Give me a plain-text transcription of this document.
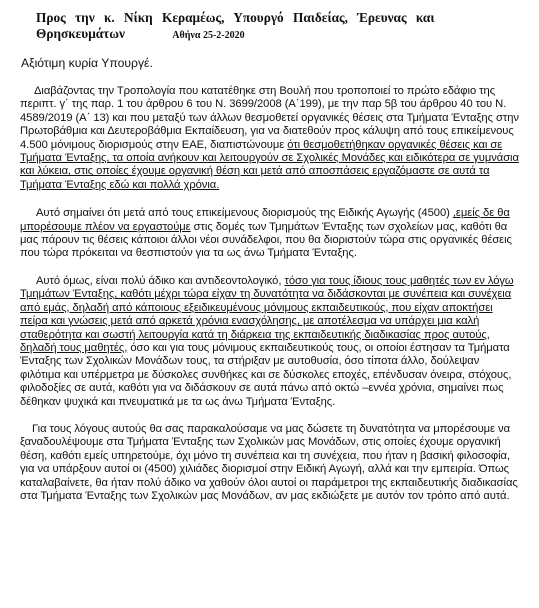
Προς την κ. Νίκη Κεραμέως, Υπουργό Παιδείας, Έρευνας και
Θρησκευμάτων	Αθήνα 25-2-2020
Αξιότιμη κυρία Υπουργέ.

Διαβάζοντας την Τροπολογία που κατατέθηκε στη Βουλή που τροποποιεί το πρώτο εδάφιο της περιπτ. γ΄ της παρ. 1 του άρθρου 6 του Ν. 3699/2008 (Α΄199), με την παρ 5β του άρθρου 40 του Ν. 4589/2019 (Α΄ 13) και που μεταξύ των άλλων θεσμοθετεί οργανικές θέσεις στα Τμήματα Ένταξης στην Πρωτοβάθμια και Δευτεροβάθμια Εκπαίδευση, για να διατεθούν προς κάλυψη από τους επικείμενους 4.500 μόνιμους διορισμούς στην ΕΑΕ, διαπιστώνουμε ότι θεσμοθετήθηκαν οργανικές θέσεις και σε Τμήματα Ένταξης, τα οποία ανήκουν και λειτουργούν σε Σχολικές Μονάδες και ειδικότερα σε γυμνάσια και λύκεια, στις οποίες έχουμε οργανική θέση και μετά από αποσπάσεις εργαζόμαστε σε αυτά τα Τμήματα Ένταξης εδώ και πολλά χρόνια.

Αυτό σημαίνει ότι μετά από τους επικείμενους διορισμούς της Ειδικής Αγωγής (4500) ,εμείς δε θα μπορέσουμε πλέον να εργαστούμε στις δομές των Τμημάτων Ένταξης των σχολείων μας, καθότι θα μας πάρουν τις θέσεις κάποιοι άλλοι νέοι συνάδελφοι, που θα διοριστούν τώρα στις οργανικές θέσεις που τώρα πρόκειται να θεσπιστούν για τα ως άνω Τμήματα Ένταξης.

Αυτό όμως, είναι πολύ άδικο και αντιδεοντολογικό, τόσο για τους ίδιους τους μαθητές των εν λόγω Τμημάτων Ένταξης, καθότι μέχρι τώρα είχαν τη δυνατότητα να διδάσκονται με συνέπεια και συνέχεια από εμάς, δηλαδή από κάποιους εξειδικευμένους μόνιμους εκπαιδευτικούς, που είχαν αποκτήσει πείρα και γνώσεις μετά από αρκετά χρόνια ενασχόλησης, με αποτέλεσμα να υπάρχει μια καλή σταθερότητα και σωστή λειτουργία κατά τη διάρκεια της εκπαιδευτικής διαδικασίας προς αυτούς, δηλαδή τους μαθητές, όσο και για τους μόνιμους εκπαιδευτικούς τους, οι οποίοι έστησαν τα Τμήματα Ένταξης των Σχολικών Μονάδων τους, τα στήριξαν με αυτοθυσία, όσο τίποτα άλλο, δούλεψαν φιλότιμα και υπέρμετρα με δύσκολες συνθήκες και σε δύσκολες εποχές, επένδυσαν όνειρα, στόχους, φιλοδοξίες σε αυτά, καθότι για να διδάσκουν σε αυτά πάνω από οκτώ –εννέα χρόνια, σημαίνει πως δέθηκαν ψυχικά και πνευματικά με τα ως άνω Τμήματα Ένταξης.

Για τους λόγους αυτούς θα σας παρακαλούσαμε να μας δώσετε τη δυνατότητα να μπορέσουμε να ξαναδουλέψουμε στα Τμήματα Ένταξης των Σχολικών μας Μονάδων, στις οποίες έχουμε οργανική θέση, καθότι εμείς υπηρετούμε, όχι μόνο τη συνέπεια και τη συνέχεια, που ήταν η βασική φιλοσοφία, για να υπάρξουν αυτοί οι (4500) χιλιάδες διορισμοί στην Ειδική Αγωγή, αλλά και την εμπειρία. Όπως καταλαβαίνετε, θα ήταν πολύ άδικο να χαθούν όλοι αυτοί οι παράμετροι της εκπαιδευτικής διαδικασίας στα Τμήματα Ένταξης των Σχολικών μας Μονάδων, αν μας εκδιώξετε με αυτόν τον τρόπο από αυτά.
